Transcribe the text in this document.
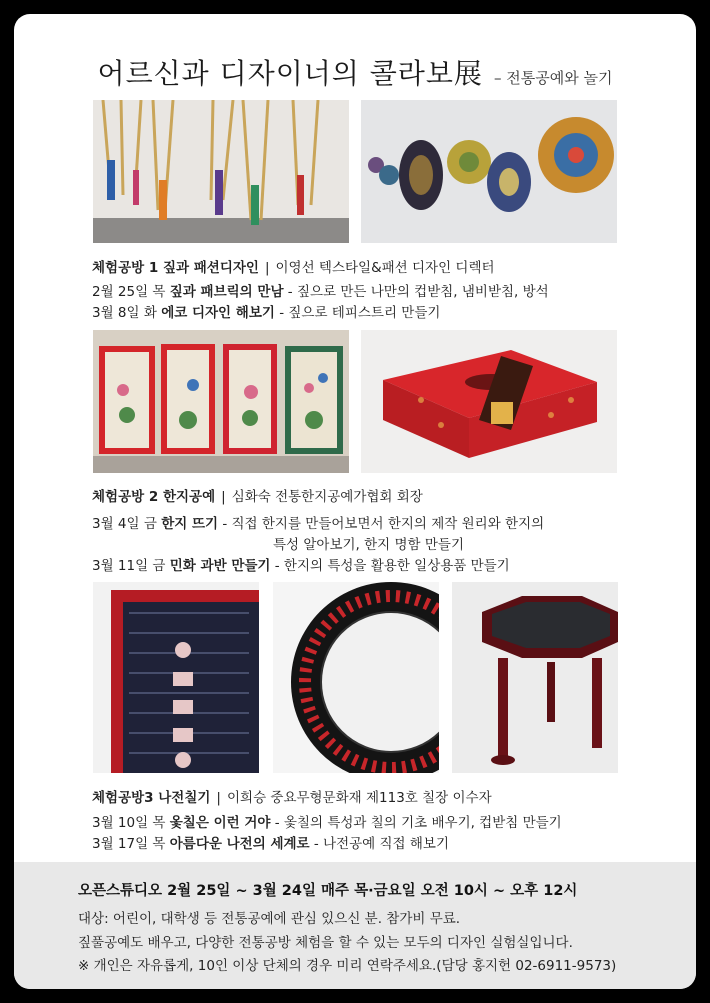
어르신과 디자이너의 콜라보展 – 전통공예와 놀기
체험공방 1 짚과 패션디자인 | 이영선 텍스타일&패션 디자인 디렉터
2월 25일 목 짚과 패브릭의 만남 - 짚으로 만든 나만의 컵받침, 냄비받침, 방석
3월 8일 화 에코 디자인 해보기 - 짚으로 테피스트리 만들기
체험공방 2 한지공예 | 심화숙 전통한지공예가협회 회장
3월 4일 금 한지 뜨기 - 직접 한지를 만들어보면서 한지의 제작 원리와 한지의
특성 알아보기, 한지 명함 만들기
3월 11일 금 민화 과반 만들기 - 한지의 특성을 활용한 일상용품 만들기
체험공방3 나전칠기 | 이희승 중요무형문화재 제113호 칠장 이수자
3월 10일 목 옻칠은 이런 거야 - 옻칠의 특성과 칠의 기초 배우기, 컵받침 만들기
3월 17일 목 아름다운 나전의 세계로 - 나전공예 직접 해보기
오픈스튜디오 2월 25일 ~ 3월 24일 매주 목·금요일 오전 10시 ~ 오후 12시
대상: 어린이, 대학생 등 전통공예에 관심 있으신 분. 참가비 무료.
짚풀공예도 배우고, 다양한 전통공방 체험을 할 수 있는 모두의 디자인 실험실입니다.
※ 개인은 자유롭게, 10인 이상 단체의 경우 미리 연락주세요.(담당 홍지헌 02-6911-9573)
